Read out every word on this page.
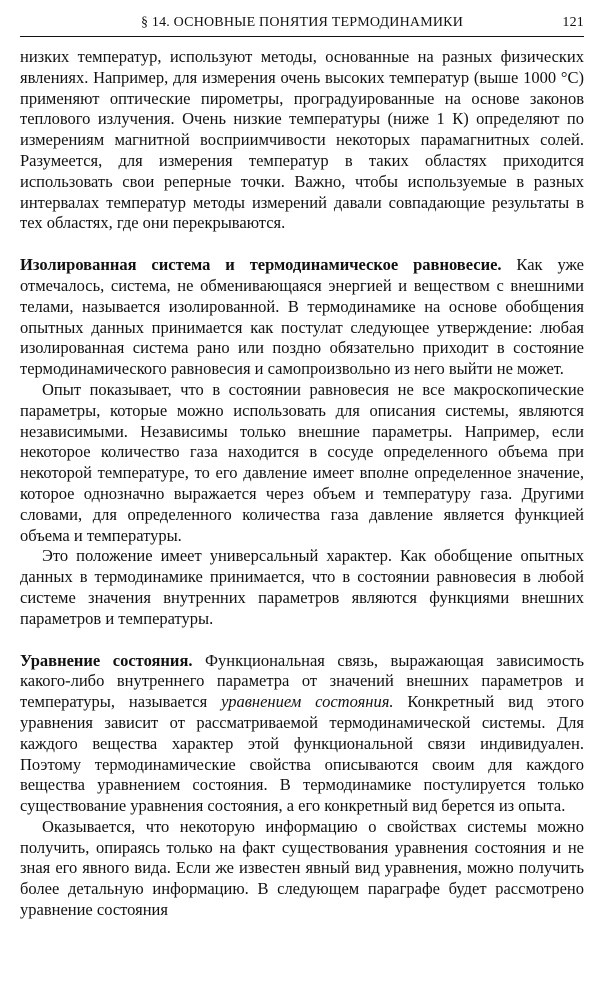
§ 14. ОСНОВНЫЕ ПОНЯТИЯ ТЕРМОДИНАМИКИ	121

низких температур, используют методы, основанные на разных физических явлениях. Например, для измерения очень высоких температур (выше 1000 °С) применяют оптические пирометры, проградуированные на основе законов теплового излучения. Очень низкие температуры (ниже 1 К) определяют по измерениям магнитной восприимчивости некоторых парамагнитных солей. Разумеется, для измерения температур в таких областях приходится использовать свои реперные точки. Важно, чтобы используемые в разных интервалах температур методы измерений давали совпадающие результаты в тех областях, где они перекрываются.

Изолированная система и термодинамическое равновесие. Как уже отмечалось, система, не обменивающаяся энергией и веществом с внешними телами, называется изолированной. В термодинамике на основе обобщения опытных данных принимается как постулат следующее утверждение: любая изолированная система рано или поздно обязательно приходит в состояние термодинамического равновесия и самопроизвольно из него выйти не может.

Опыт показывает, что в состоянии равновесия не все макроскопические параметры, которые можно использовать для описания системы, являются независимыми. Независимы только внешние параметры. Например, если некоторое количество газа находится в сосуде определенного объема при некоторой температуре, то его давление имеет вполне определенное значение, которое однозначно выражается через объем и температуру газа. Другими словами, для определенного количества газа давление является функцией объема и температуры.

Это положение имеет универсальный характер. Как обобщение опытных данных в термодинамике принимается, что в состоянии равновесия в любой системе значения внутренних параметров являются функциями внешних параметров и температуры.

Уравнение состояния. Функциональная связь, выражающая зависимость какого-либо внутреннего параметра от значений внешних параметров и температуры, называется уравнением состояния. Конкретный вид этого уравнения зависит от рассматриваемой термодинамической системы. Для каждого вещества характер этой функциональной связи индивидуален. Поэтому термодинамические свойства описываются своим для каждого вещества уравнением состояния. В термодинамике постулируется только существование уравнения состояния, а его конкретный вид берется из опыта.

Оказывается, что некоторую информацию о свойствах системы можно получить, опираясь только на факт существования уравнения состояния и не зная его явного вида. Если же известен явный вид уравнения, можно получить более детальную информацию. В следующем параграфе будет рассмотрено уравнение состояния
